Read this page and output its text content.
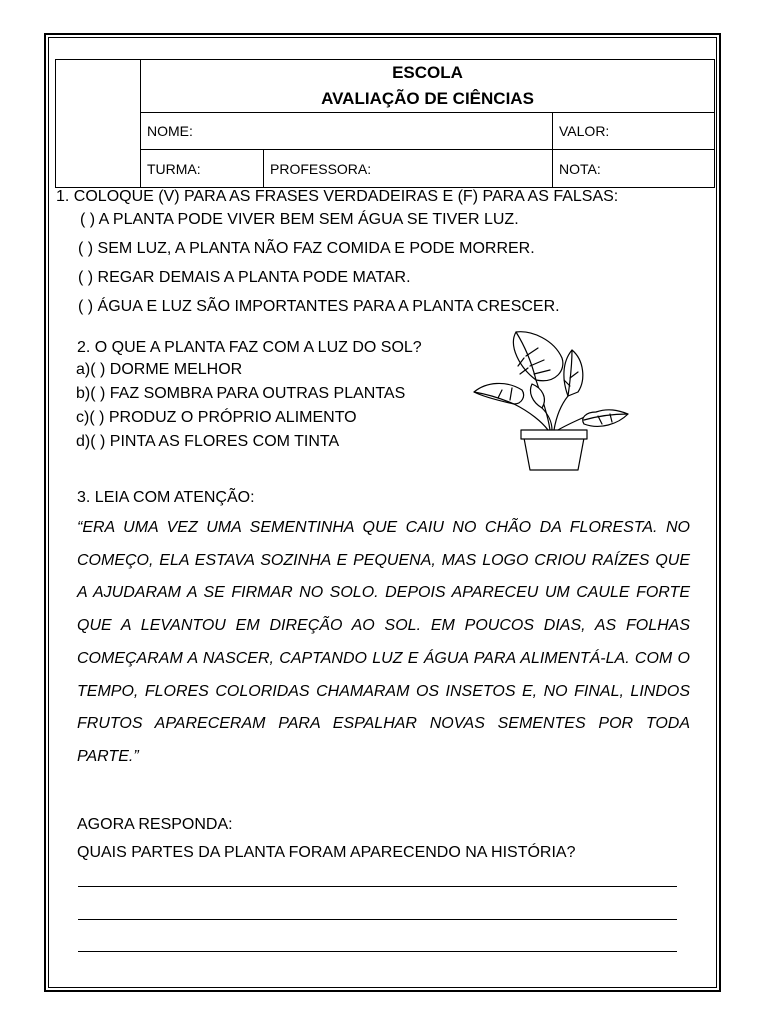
	ESCOLA
AVALIAÇÃO DE CIÊNCIAS		

	NOME:		VALOR:
	TURMA:	PROFESSORA:	NOTA:
1. COLOQUE (V) PARA AS FRASES VERDADEIRAS E (F) PARA AS FALSAS:
( ) A PLANTA PODE VIVER BEM SEM ÁGUA SE TIVER LUZ.
( ) SEM LUZ, A PLANTA NÃO FAZ COMIDA E PODE MORRER.
( ) REGAR DEMAIS A PLANTA PODE MATAR.
( ) ÁGUA E LUZ SÃO IMPORTANTES PARA A PLANTA CRESCER.
2. O QUE A PLANTA FAZ COM A LUZ DO SOL?
a)( ) DORME MELHOR
b)( ) FAZ SOMBRA PARA OUTRAS PLANTAS
c)( ) PRODUZ O PRÓPRIO ALIMENTO
d)( ) PINTA AS FLORES COM TINTA
3. LEIA COM ATENÇÃO:
“ERA UMA VEZ UMA SEMENTINHA QUE CAIU NO CHÃO DA FLORESTA. NO COMEÇO, ELA ESTAVA SOZINHA E PEQUENA, MAS LOGO CRIOU RAÍZES QUE A AJUDARAM A SE FIRMAR NO SOLO. DEPOIS APARECEU UM CAULE FORTE QUE A LEVANTOU EM DIREÇÃO AO SOL. EM POUCOS DIAS, AS FOLHAS COMEÇARAM A NASCER, CAPTANDO LUZ E ÁGUA PARA ALIMENTÁ-LA. COM O TEMPO, FLORES COLORIDAS CHAMARAM OS INSETOS E, NO FINAL, LINDOS FRUTOS APARECERAM PARA ESPALHAR NOVAS SEMENTES POR TODA PARTE.”
AGORA RESPONDA:
QUAIS PARTES DA PLANTA FORAM APARECENDO NA HISTÓRIA?
